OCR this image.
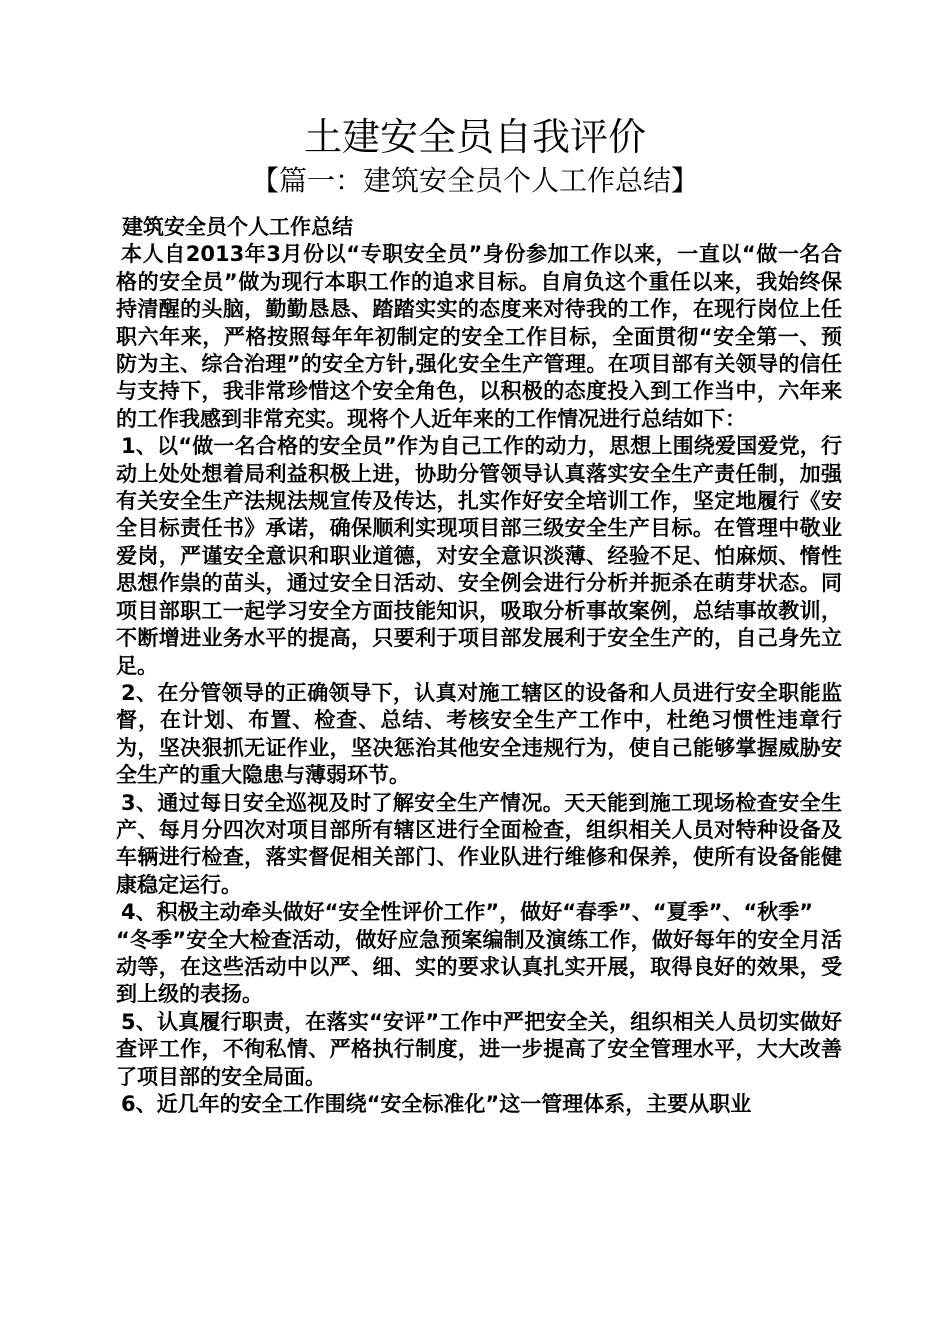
土建安全员自我评价
【篇一：建筑安全员个人工作总结】
建筑安全员个人工作总结

本人自2013年3月份以“专职安全员”身份参加工作以来，一直以“做一名合格的安全员”做为现行本职工作的追求目标。自肩负这个重任以来，我始终保持清醒的头脑，勤勤恳恳、踏踏实实的态度来对待我的工作，在现行岗位上任职六年来，严格按照每年年初制定的安全工作目标，全面贯彻“安全第一、预防为主、综合治理”的安全方针,强化安全生产管理。在项目部有关领导的信任与支持下，我非常珍惜这个安全角色，以积极的态度投入到工作当中，六年来的工作我感到非常充实。现将个人近年来的工作情况进行总结如下：

1、以“做一名合格的安全员”作为自己工作的动力，思想上围绕爱国爱党，行动上处处想着局利益积极上进，协助分管领导认真落实安全生产责任制，加强有关安全生产法规法规宣传及传达，扎实作好安全培训工作，坚定地履行《安全目标责任书》承诺，确保顺利实现项目部三级安全生产目标。在管理中敬业爱岗，严谨安全意识和职业道德，对安全意识淡薄、经验不足、怕麻烦、惰性思想作祟的苗头，通过安全日活动、安全例会进行分析并扼杀在萌芽状态。同项目部职工一起学习安全方面技能知识，吸取分析事故案例，总结事故教训，不断增进业务水平的提高，只要利于项目部发展利于安全生产的，自己身先立足。

2、在分管领导的正确领导下，认真对施工辖区的设备和人员进行安全职能监督，在计划、布置、检查、总结、考核安全生产工作中，杜绝习惯性违章行为，坚决狠抓无证作业，坚决惩治其他安全违规行为，使自己能够掌握威胁安全生产的重大隐患与薄弱环节。

3、通过每日安全巡视及时了解安全生产情况。天天能到施工现场检查安全生产、每月分四次对项目部所有辖区进行全面检查，组织相关人员对特种设备及车辆进行检查，落实督促相关部门、作业队进行维修和保养，使所有设备能健康稳定运行。

4、积极主动牵头做好“安全性评价工作”，做好“春季”、“夏季”、“秋季”

“冬季”安全大检查活动，做好应急预案编制及演练工作，做好每年的安全月活动等，在这些活动中以严、细、实的要求认真扎实开展，取得良好的效果，受到上级的表扬。

5、认真履行职责，在落实“安评”工作中严把安全关，组织相关人员切实做好查评工作，不徇私情、严格执行制度，进一步提高了安全管理水平，大大改善了项目部的安全局面。

6、近几年的安全工作围绕“安全标准化”这一管理体系，主要从职业
